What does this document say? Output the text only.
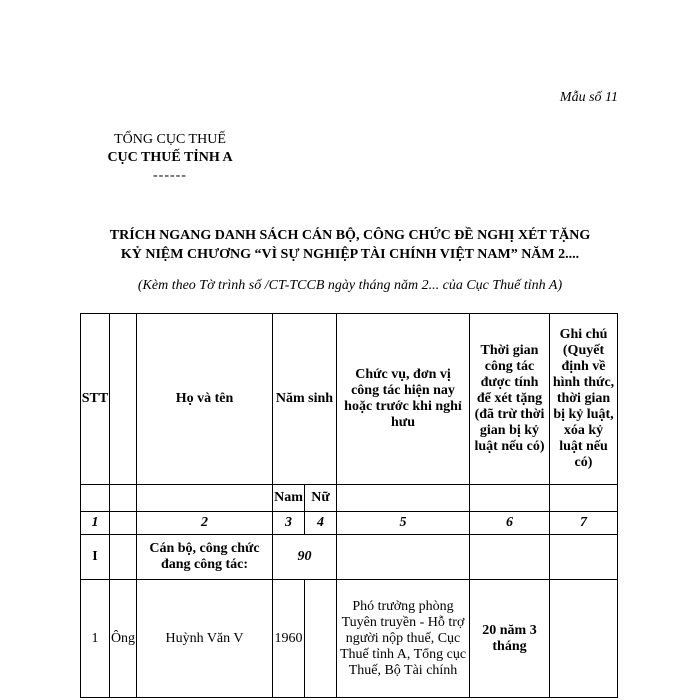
Mẫu số 11
TỔNG CỤC THUẾ
CỤC THUẾ TỈNH A
------
TRÍCH NGANG DANH SÁCH CÁN BỘ, CÔNG CHỨC ĐỀ NGHỊ XÉT TẶNG
KỶ NIỆM CHƯƠNG “VÌ SỰ NGHIỆP TÀI CHÍNH VIỆT NAM” NĂM 2....
(Kèm theo Tờ trình số /CT-TCCB ngày tháng năm 2... của Cục Thuế tỉnh A)
STT		Họ và tên	Năm sinh		Chức vụ, đơn vị công tác hiện nay hoặc trước khi nghỉ hưu	Thời gian công tác được tính để xét tặng (đã trừ thời gian bị kỷ luật nếu có)	Ghi chú (Quyết định về hình thức, thời gian bị kỷ luật, xóa kỷ luật nếu có)
			Nam	Nữ			
1		2	3	4	5	6	7
I		Cán bộ, công chức đang công tác:	90				
1	Ông	Huỳnh Văn V	1960		Phó trưởng phòng Tuyên truyền - Hỗ trợ người nộp thuế, Cục Thuế tỉnh A, Tổng cục Thuế, Bộ Tài chính	20 năm 3 tháng	
